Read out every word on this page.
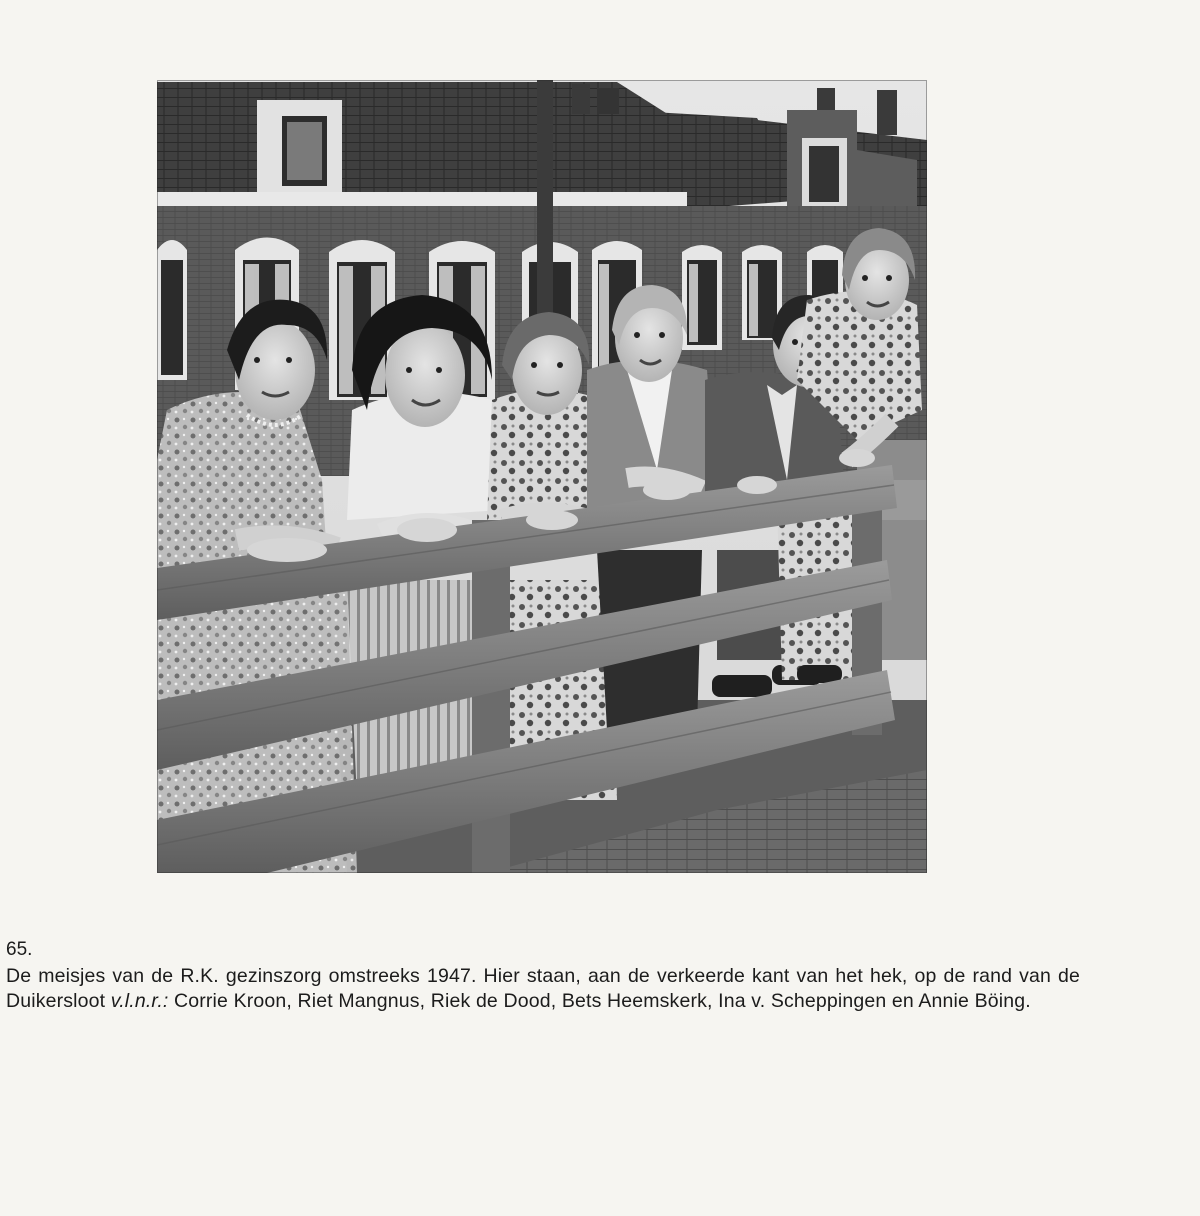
65.

De meisjes van de R.K. gezinszorg omstreeks 1947. Hier staan, aan de verkeerde kant van het hek, op de rand van de Duikersloot v.l.n.r.: Corrie Kroon, Riet Mangnus, Riek de Dood, Bets Heemskerk, Ina v. Scheppingen en Annie Böing.
